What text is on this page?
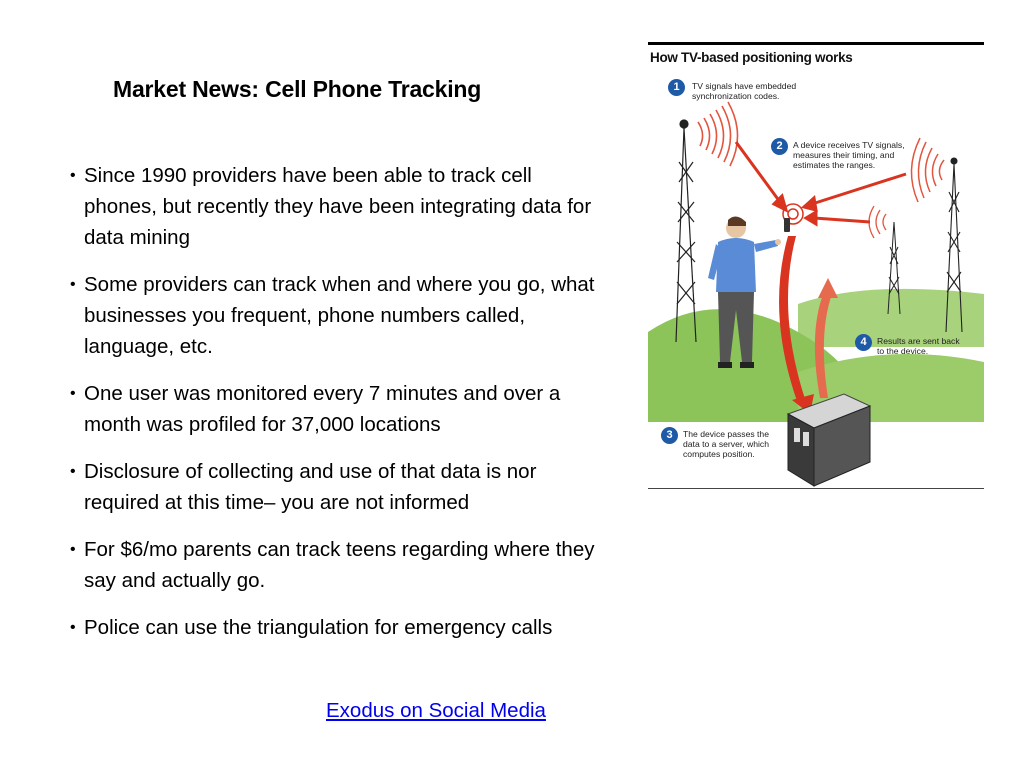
Market News: Cell Phone Tracking
• Since 1990 providers have been able to track cell phones, but recently they have been integrating data for data mining
• Some providers can track when and where you go, what businesses you frequent, phone numbers called, language, etc.
• One user was monitored every 7 minutes and over a month was profiled for 37,000 locations
• Disclosure of collecting and use of that data is nor required at this time– you are not informed
• For $6/mo parents can track teens regarding where they say and actually go.
• Police can use the triangulation for emergency calls
Exodus on Social Media
How TV-based positioning works
1	TV signals have embedded
synchronization codes.
2	A device receives TV signals,
measures their timing, and
estimates the ranges.
4	Results are sent back
to the device.
3	The device passes the
data to a server, which
computes position.
